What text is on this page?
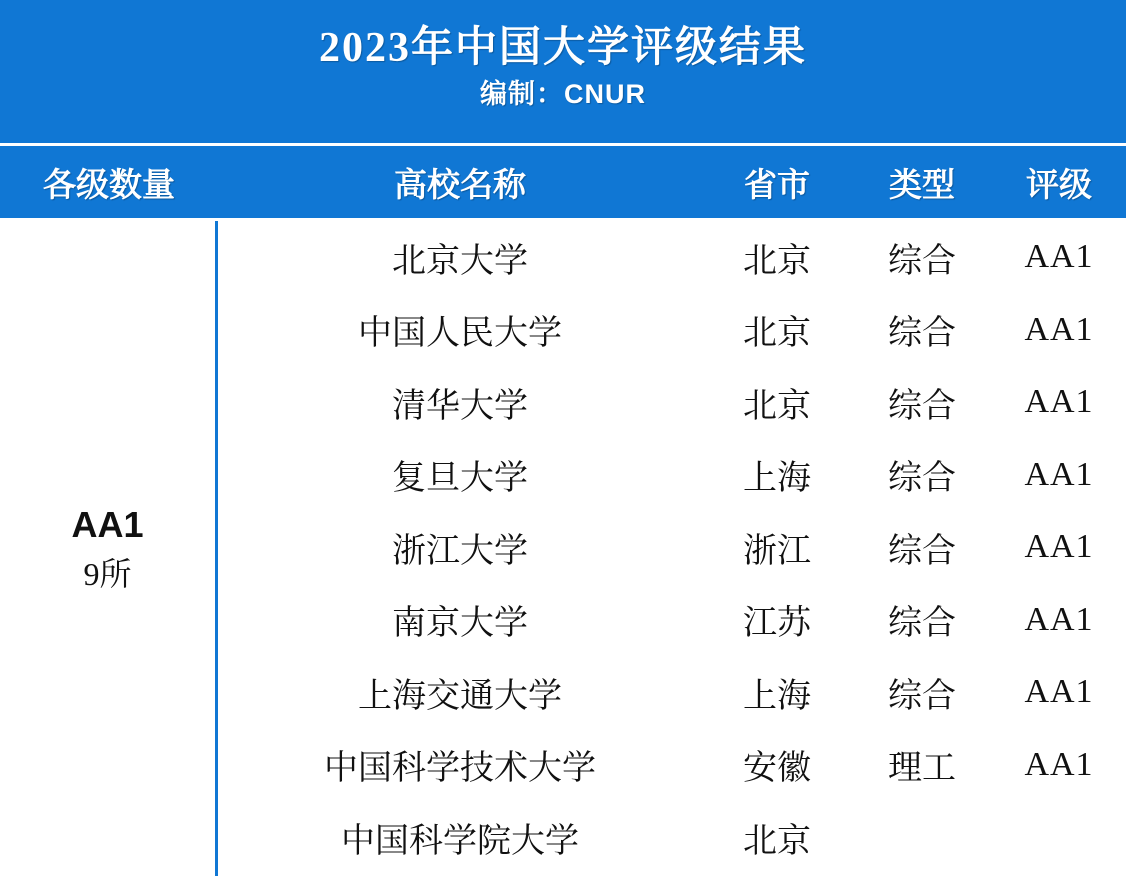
2023年中国大学评级结果
编制：CNUR
各级数量	高校名称	省市	类型	评级
AA1
9所
北京大学	北京	综合	AA1
中国人民大学	北京	综合	AA1
清华大学	北京	综合	AA1
复旦大学	上海	综合	AA1
浙江大学	浙江	综合	AA1
南京大学	江苏	综合	AA1
上海交通大学	上海	综合	AA1
中国科学技术大学	安徽	理工	AA1
中国科学院大学	北京
